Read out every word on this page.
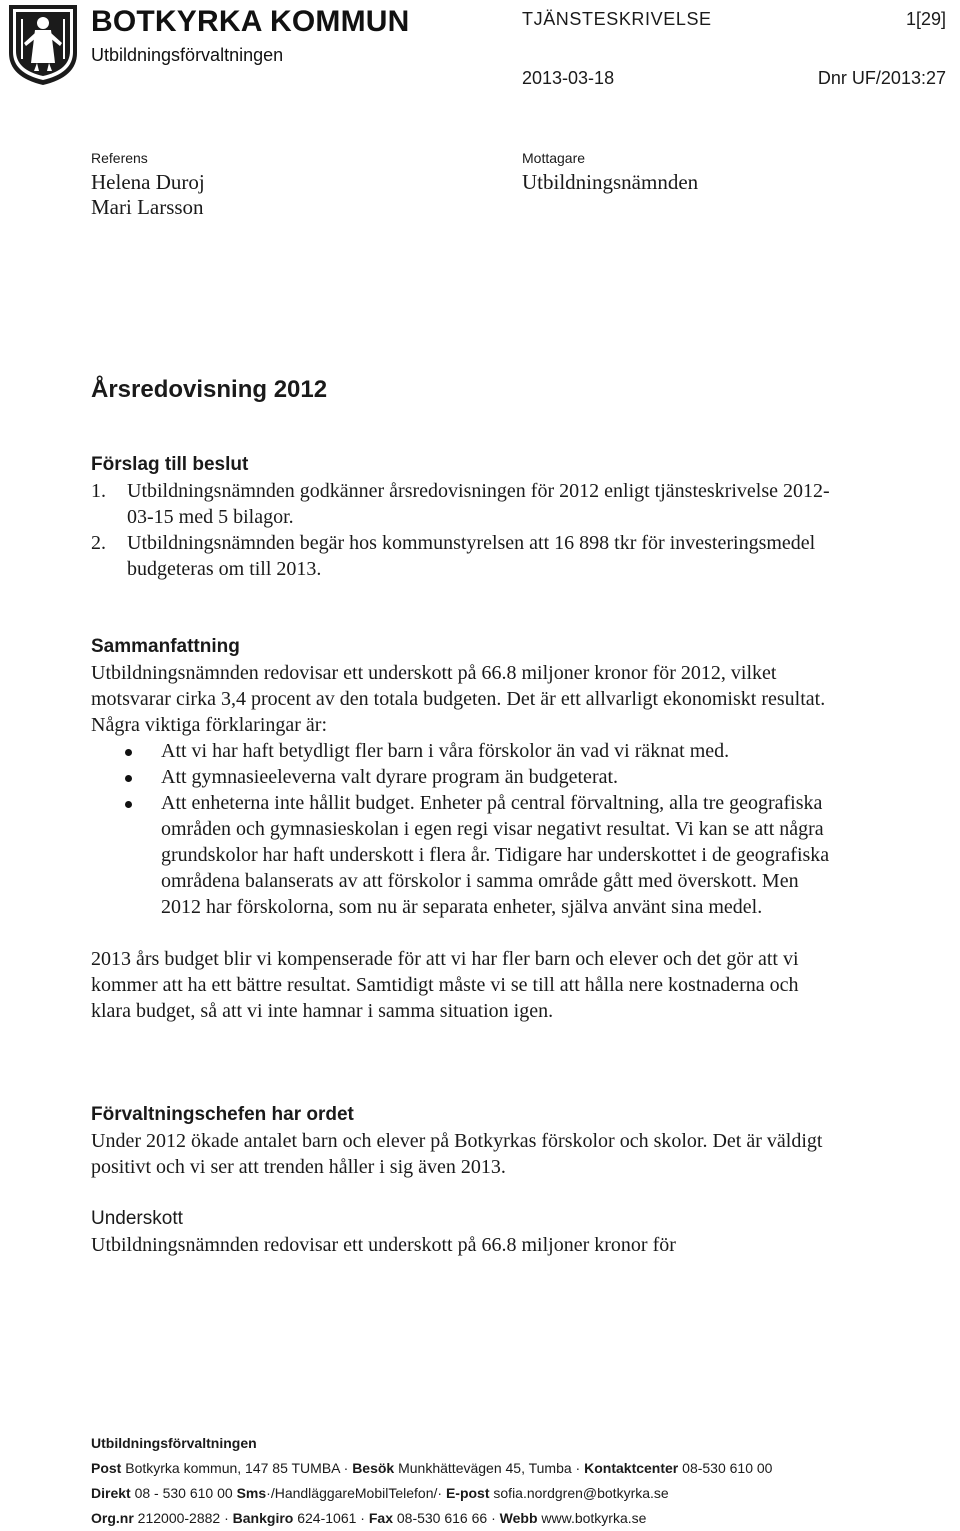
BOTKYRKA KOMMUN
Utbildningsförvaltningen
TJÄNSTESKRIVELSE	1[29]
2013-03-18	Dnr UF/2013:27
Referens
Helena Duroj
Mari Larsson
Mottagare
Utbildningsnämnden
Årsredovisning 2012
Förslag till beslut
1. Utbildningsnämnden godkänner årsredovisningen för 2012 enligt tjänsteskrivelse 2012-03-15 med 5 bilagor.
2. Utbildningsnämnden begär hos kommunstyrelsen att 16 898 tkr för investeringsmedel budgeteras om till 2013.
Sammanfattning

Utbildningsnämnden redovisar ett underskott på 66.8 miljoner kronor för 2012, vilket motsvarar cirka 3,4 procent av den totala budgeten. Det är ett allvarligt ekonomiskt resultat.

Några viktiga förklaringar är:

Att vi har haft betydligt fler barn i våra förskolor än vad vi räknat med.
Att gymnasieeleverna valt dyrare program än budgeterat.
Att enheterna inte hållit budget. Enheter på central förvaltning, alla tre geografiska områden och gymnasieskolan i egen regi visar negativt resultat. Vi kan se att några grundskolor har haft underskott i flera år. Tidigare har underskottet i de geografiska områdena balanserats av att förskolor i samma område gått med överskott. Men 2012 har förskolorna, som nu är separata enheter, själva använt sina medel.

2013 års budget blir vi kompenserade för att vi har fler barn och elever och det gör att vi kommer att ha ett bättre resultat. Samtidigt måste vi se till att hålla nere kostnaderna och klara budget, så att vi inte hamnar i samma situation igen.

Förvaltningschefen har ordet

Under 2012 ökade antalet barn och elever på Botkyrkas förskolor och skolor. Det är väldigt positivt och vi ser att trenden håller i sig även 2013.

Underskott

Utbildningsnämnden redovisar ett underskott på 66.8 miljoner kronor för

Utbildningsförvaltningen
Post Botkyrka kommun, 147 85 TUMBA · Besök Munkhättevägen 45, Tumba · Kontaktcenter 08-530 610 00
Direkt 08 - 530 610 00 Sms·/HandläggareMobilTelefon/· E-post sofia.nordgren@botkyrka.se
Org.nr 212000-2882 · Bankgiro 624-1061 · Fax 08-530 616 66 · Webb www.botkyrka.se
